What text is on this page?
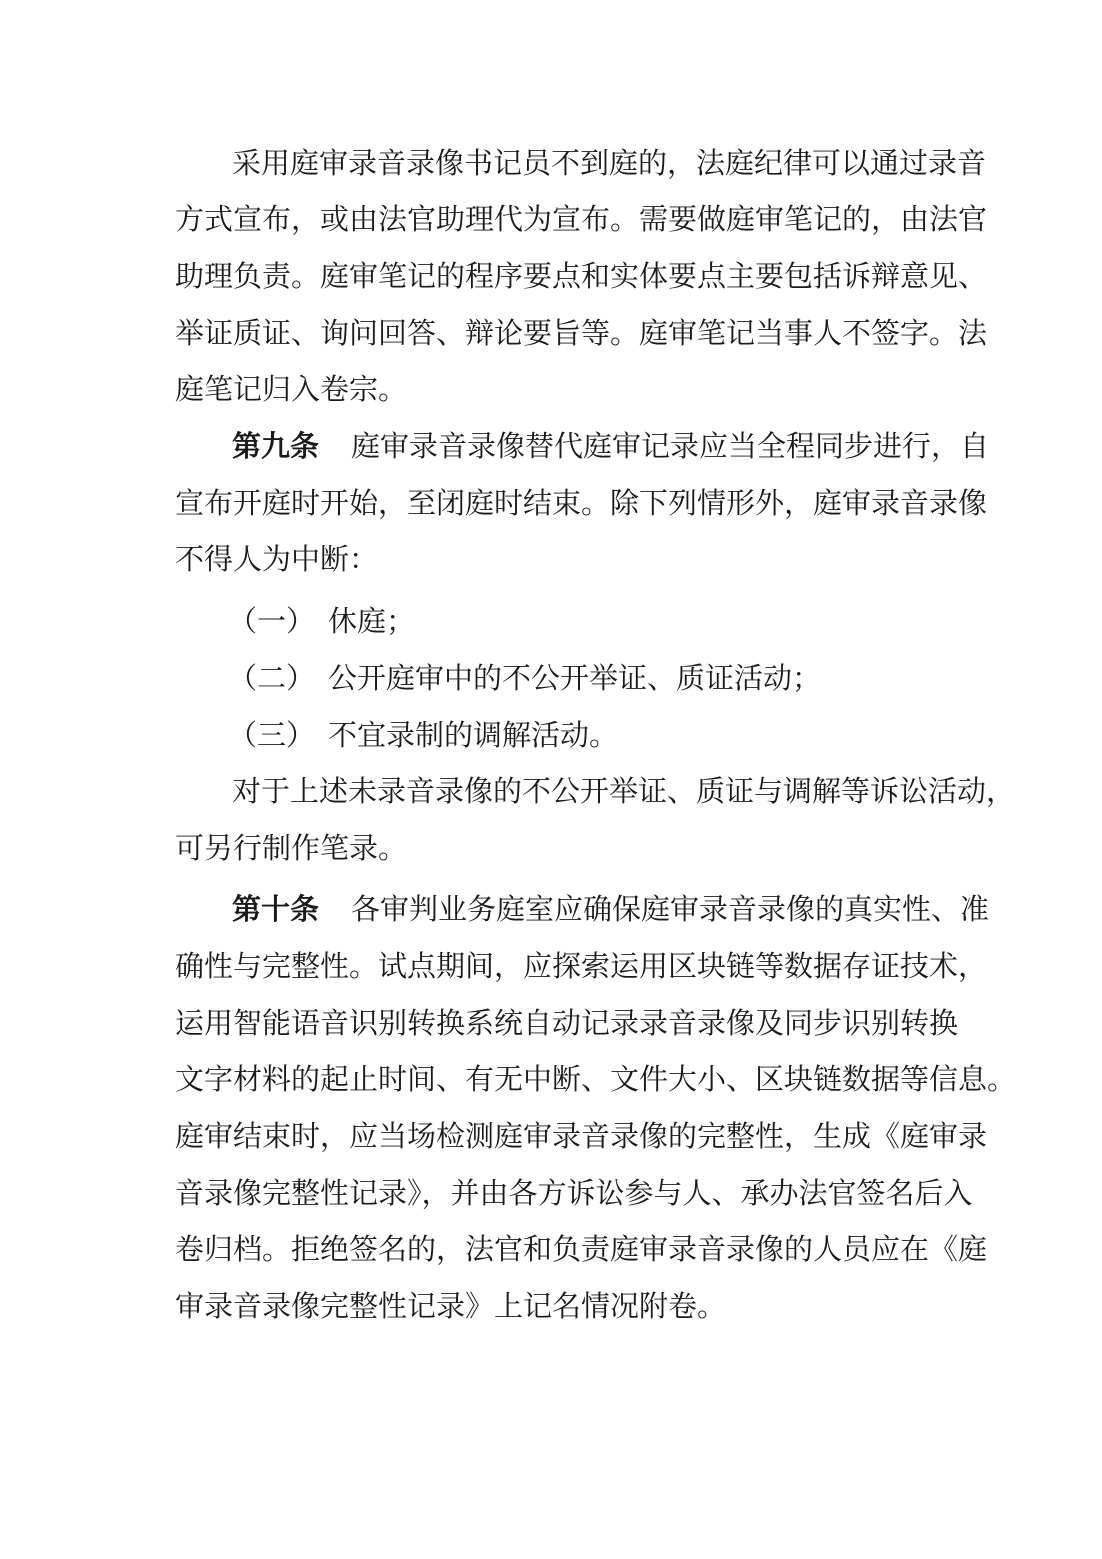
采用庭审录音录像书记员不到庭的，法庭纪律可以通过录音
方式宣布，或由法官助理代为宣布。需要做庭审笔记的，由法官
助理负责。庭审笔记的程序要点和实体要点主要包括诉辩意见、
举证质证、询问回答、辩论要旨等。庭审笔记当事人不签字。法
庭笔记归入卷宗。
第九条 庭审录音录像替代庭审记录应当全程同步进行，自
宣布开庭时开始，至闭庭时结束。除下列情形外，庭审录音录像
不得人为中断：
（一） 休庭；
（二） 公开庭审中的不公开举证、质证活动；
（三） 不宜录制的调解活动。
对于上述未录音录像的不公开举证、质证与调解等诉讼活动，
可另行制作笔录。
第十条 各审判业务庭室应确保庭审录音录像的真实性、准
确性与完整性。试点期间，应探索运用区块链等数据存证技术，
运用智能语音识别转换系统自动记录录音录像及同步识别转换
文字材料的起止时间、有无中断、文件大小、区块链数据等信息。
庭审结束时，应当场检测庭审录音录像的完整性，生成《庭审录
音录像完整性记录》，并由各方诉讼参与人、承办法官签名后入
卷归档。拒绝签名的，法官和负责庭审录音录像的人员应在《庭
审录音录像完整性记录》上记名情况附卷。
